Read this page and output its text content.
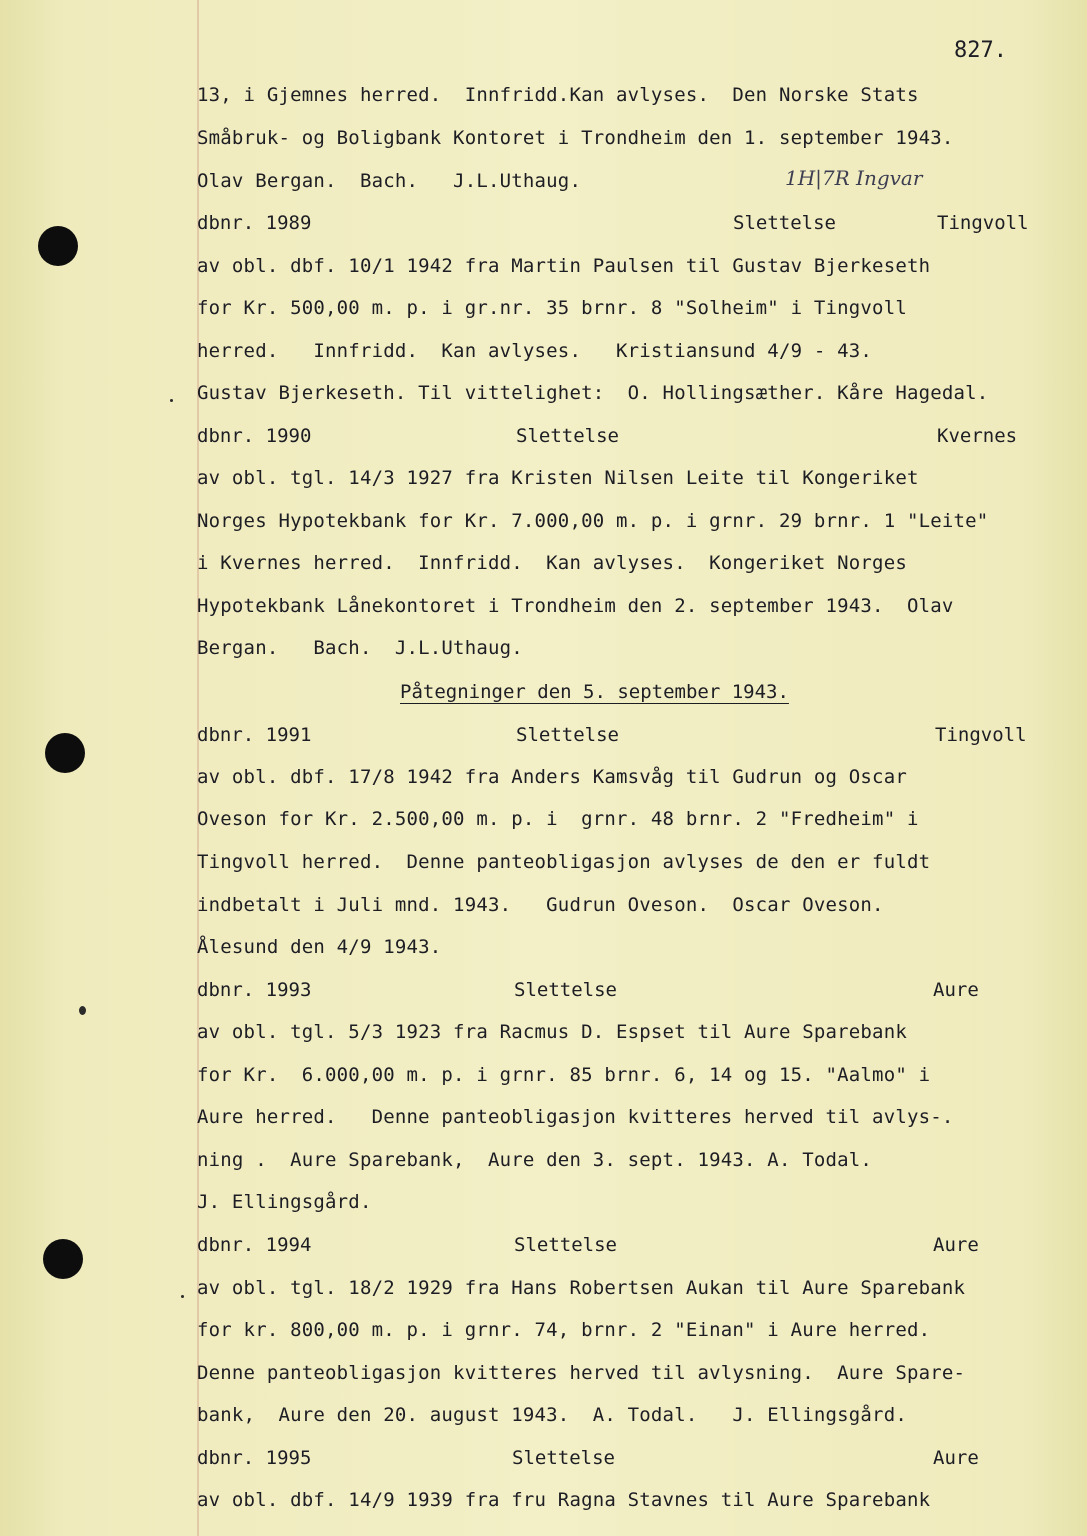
827.
1H|7R Ingvar
13, i Gjemnes herred.  Innfridd.Kan avlyses.  Den Norske Stats
Småbruk- og Boligbank Kontoret i Trondheim den 1. september 1943.
Olav Bergan.  Bach.   J.L.Uthaug.
dbnr. 1989	Slettelse	Tingvoll
av obl. dbf. 10/1 1942 fra Martin Paulsen til Gustav Bjerkeseth
for Kr. 500,00 m. p. i gr.nr. 35 brnr. 8 "Solheim" i Tingvoll
herred.   Innfridd.  Kan avlyses.   Kristiansund 4/9 - 43.
Gustav Bjerkeseth. Til vittelighet:  O. Hollingsæther. Kåre Hagedal.
dbnr. 1990	Slettelse	Kvernes
av obl. tgl. 14/3 1927 fra Kristen Nilsen Leite til Kongeriket
Norges Hypotekbank for Kr. 7.000,00 m. p. i grnr. 29 brnr. 1 "Leite"
i Kvernes herred.  Innfridd.  Kan avlyses.  Kongeriket Norges
Hypotekbank Lånekontoret i Trondheim den 2. september 1943.  Olav
Bergan.   Bach.  J.L.Uthaug.
Påtegninger den 5. september 1943.
dbnr. 1991	Slettelse	Tingvoll
av obl. dbf. 17/8 1942 fra Anders Kamsvåg til Gudrun og Oscar
Oveson for Kr. 2.500,00 m. p. i  grnr. 48 brnr. 2 "Fredheim" i
Tingvoll herred.  Denne panteobligasjon avlyses de den er fuldt
indbetalt i Juli mnd. 1943.   Gudrun Oveson.  Oscar Oveson.
Ålesund den 4/9 1943.
dbnr. 1993	Slettelse	Aure
av obl. tgl. 5/3 1923 fra Racmus D. Espset til Aure Sparebank
for Kr.  6.000,00 m. p. i grnr. 85 brnr. 6, 14 og 15. "Aalmo" i
Aure herred.   Denne panteobligasjon kvitteres herved til avlys-.
ning .  Aure Sparebank,  Aure den 3. sept. 1943. A. Todal.
J. Ellingsgård.
dbnr. 1994	Slettelse	Aure
av obl. tgl. 18/2 1929 fra Hans Robertsen Aukan til Aure Sparebank
for kr. 800,00 m. p. i grnr. 74, brnr. 2 "Einan" i Aure herred.
Denne panteobligasjon kvitteres herved til avlysning.  Aure Spare-
bank,  Aure den 20. august 1943.  A. Todal.   J. Ellingsgård.
dbnr. 1995	Slettelse	Aure
av obl. dbf. 14/9 1939 fra fru Ragna Stavnes til Aure Sparebank
